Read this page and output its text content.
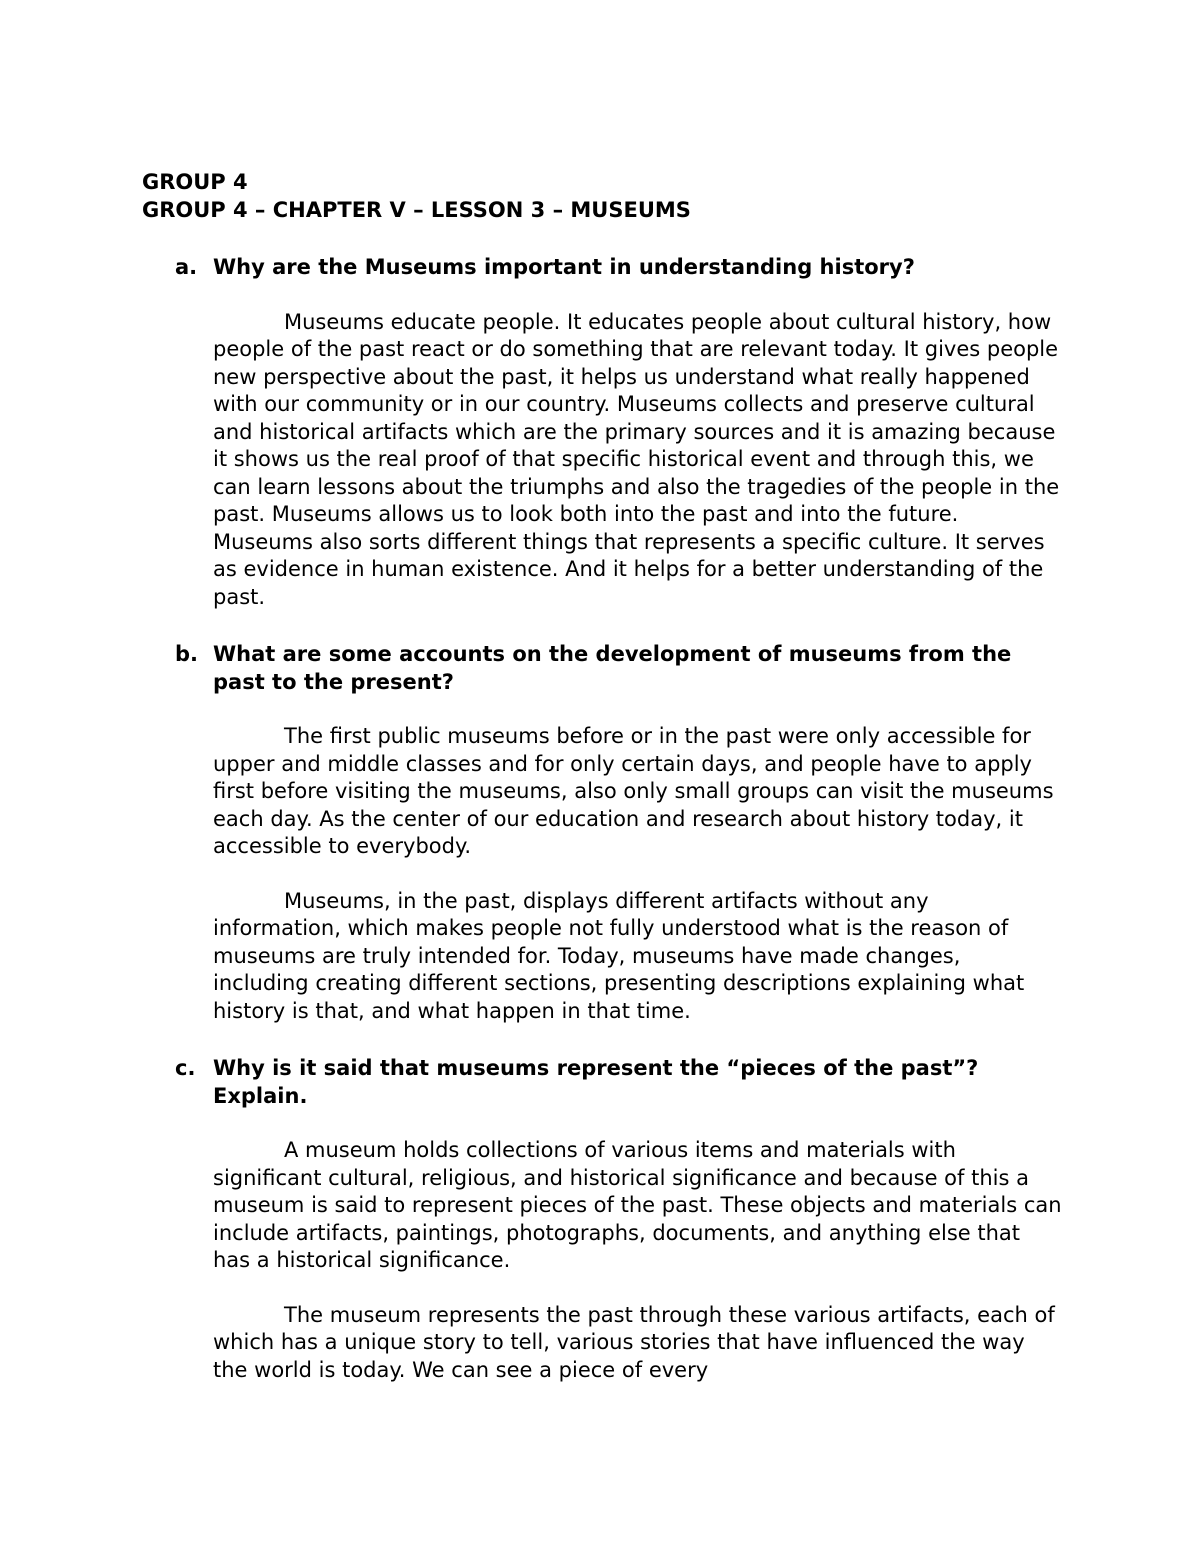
GROUP 4

GROUP 4 – CHAPTER V – LESSON 3 – MUSEUMS

a. Why are the Museums important in understanding history?

Museums educate people. It educates people about cultural history, how people of the past react or do something that are relevant today. It gives people new perspective about the past, it helps us understand what really happened with our community or in our country. Museums collects and preserve cultural and historical artifacts which are the primary sources and it is amazing because it shows us the real proof of that specific historical event and through this, we can learn lessons about the triumphs and also the tragedies of the people in the past. Museums allows us to look both into the past and into the future. Museums also sorts different things that represents a specific culture. It serves as evidence in human existence. And it helps for a better understanding of the past.

b. What are some accounts on the development of museums from the past to the present?

The first public museums before or in the past were only accessible for upper and middle classes and for only certain days, and people have to apply first before visiting the museums, also only small groups can visit the museums each day. As the center of our education and research about history today, it accessible to everybody.

Museums, in the past, displays different artifacts without any information, which makes people not fully understood what is the reason of museums are truly intended for. Today, museums have made changes, including creating different sections, presenting descriptions explaining what history is that, and what happen in that time.

c. Why is it said that museums represent the “pieces of the past”? Explain.

A museum holds collections of various items and materials with significant cultural, religious, and historical significance and because of this a museum is said to represent pieces of the past. These objects and materials can include artifacts, paintings, photographs, documents, and anything else that has a historical significance.

The museum represents the past through these various artifacts, each of which has a unique story to tell, various stories that have influenced the way the world is today. We can see a piece of every
